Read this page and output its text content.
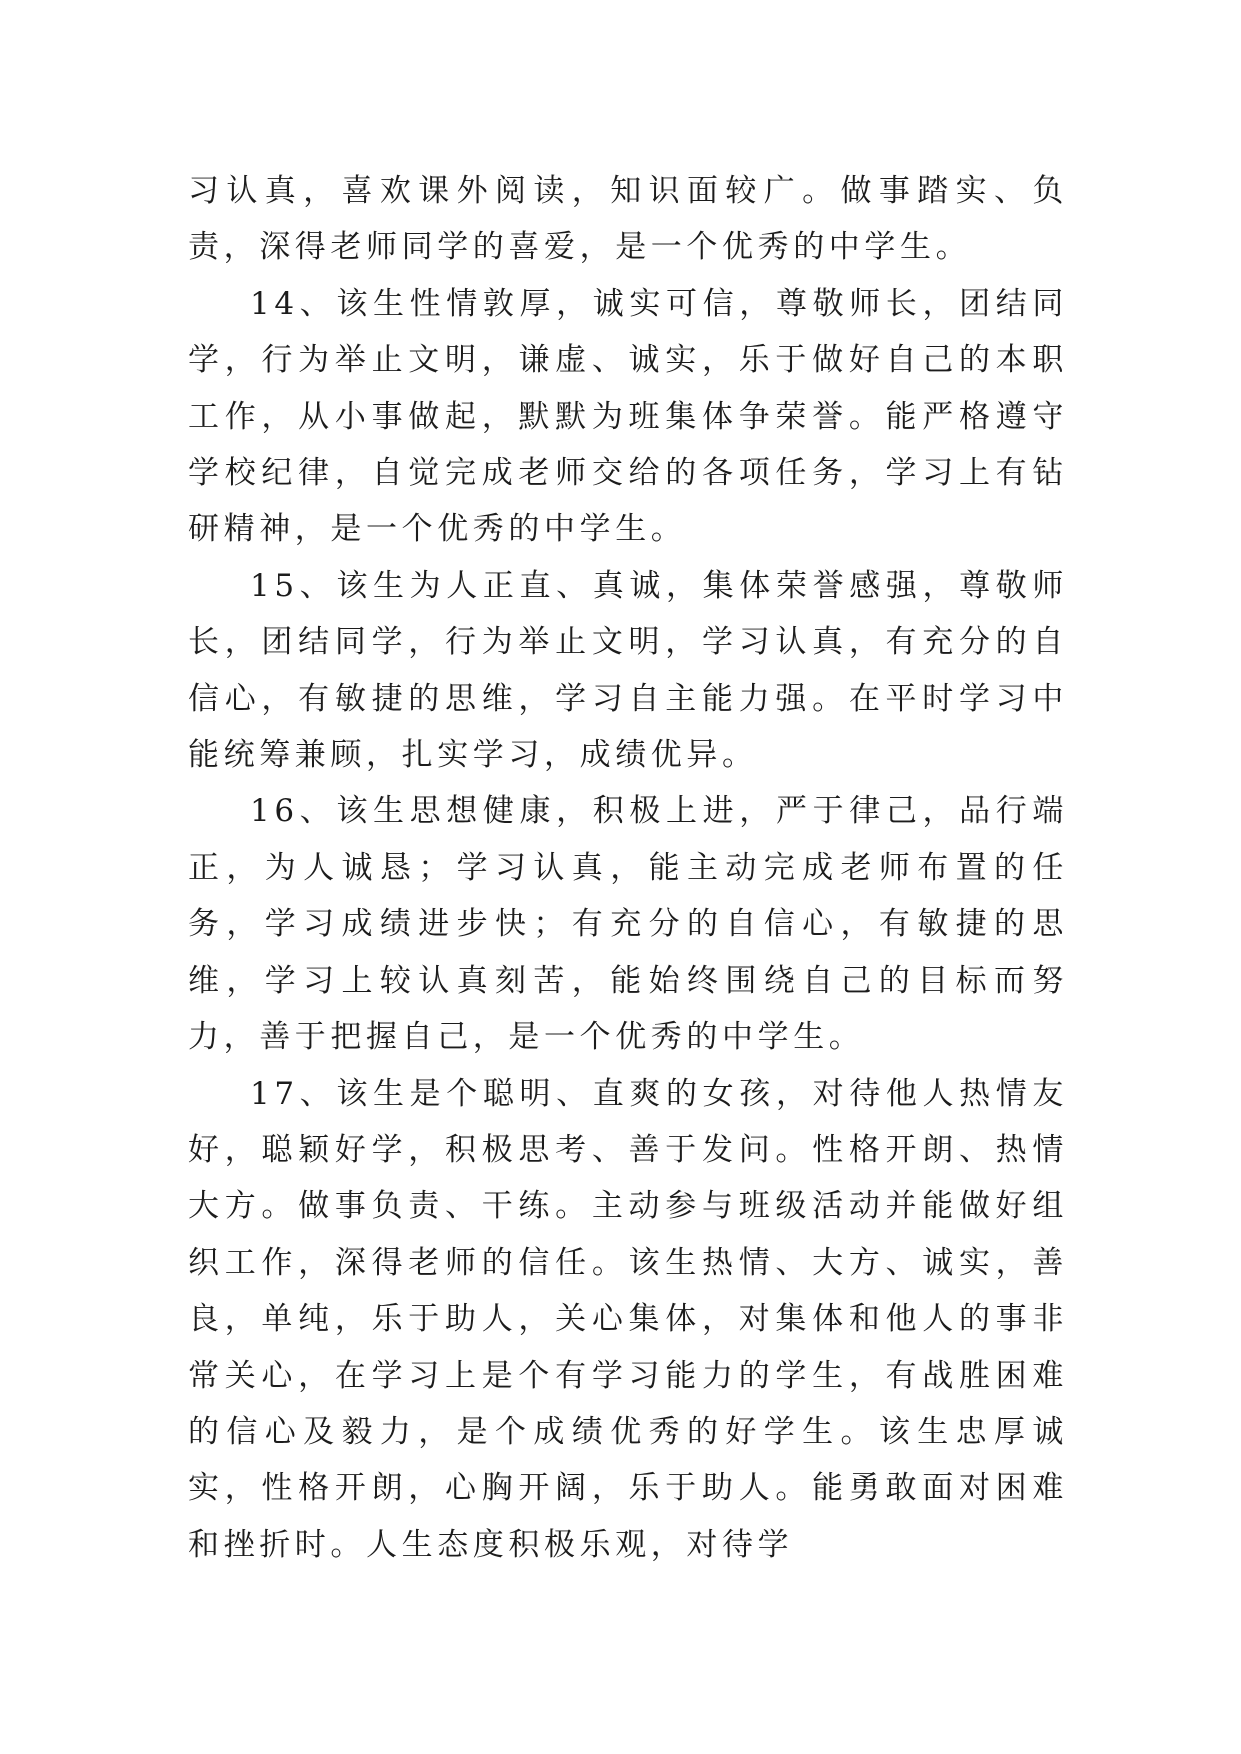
习认真，喜欢课外阅读，知识面较广。做事踏实、负责，深得老师同学的喜爱，是一个优秀的中学生。

14、该生性情敦厚，诚实可信，尊敬师长，团结同学，行为举止文明，谦虚、诚实，乐于做好自己的本职工作，从小事做起，默默为班集体争荣誉。能严格遵守学校纪律，自觉完成老师交给的各项任务，学习上有钻研精神，是一个优秀的中学生。

15、该生为人正直、真诚，集体荣誉感强，尊敬师长，团结同学，行为举止文明，学习认真，有充分的自信心，有敏捷的思维，学习自主能力强。在平时学习中能统筹兼顾，扎实学习，成绩优异。

16、该生思想健康，积极上进，严于律己，品行端正，为人诚恳；学习认真，能主动完成老师布置的任务，学习成绩进步快；有充分的自信心，有敏捷的思维，学习上较认真刻苦，能始终围绕自己的目标而努力，善于把握自己，是一个优秀的中学生。

17、该生是个聪明、直爽的女孩，对待他人热情友好，聪颖好学，积极思考、善于发问。性格开朗、热情大方。做事负责、干练。主动参与班级活动并能做好组织工作，深得老师的信任。该生热情、大方、诚实，善良，单纯，乐于助人，关心集体，对集体和他人的事非常关心，在学习上是个有学习能力的学生，有战胜困难的信心及毅力，是个成绩优秀的好学生。该生忠厚诚实，性格开朗，心胸开阔，乐于助人。能勇敢面对困难和挫折时。人生态度积极乐观，对待学
